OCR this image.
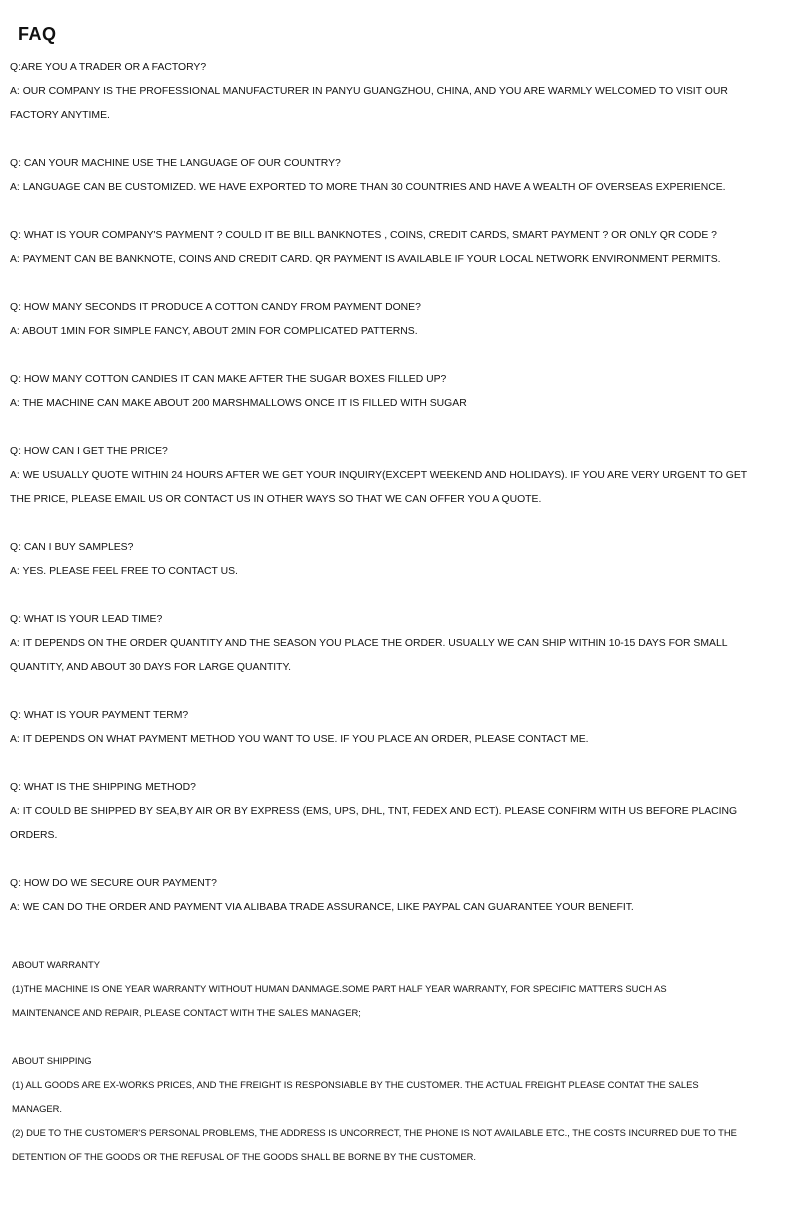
FAQ
Q:ARE YOU A TRADER OR A FACTORY?
A: OUR COMPANY IS THE PROFESSIONAL MANUFACTURER IN PANYU GUANGZHOU, CHINA, AND YOU ARE WARMLY WELCOMED TO VISIT OUR
FACTORY ANYTIME.
Q: CAN YOUR MACHINE USE THE LANGUAGE OF OUR COUNTRY?
A: LANGUAGE CAN BE CUSTOMIZED. WE HAVE EXPORTED TO MORE THAN 30 COUNTRIES AND HAVE A WEALTH OF OVERSEAS EXPERIENCE.
Q: WHAT IS YOUR COMPANY'S PAYMENT ? COULD IT BE BILL BANKNOTES , COINS, CREDIT CARDS, SMART PAYMENT ? OR ONLY QR CODE ?
A: PAYMENT CAN BE BANKNOTE, COINS AND CREDIT CARD. QR PAYMENT IS AVAILABLE IF YOUR LOCAL NETWORK ENVIRONMENT PERMITS.
Q: HOW MANY SECONDS IT PRODUCE A COTTON CANDY FROM PAYMENT DONE?
A: ABOUT 1MIN FOR SIMPLE FANCY, ABOUT 2MIN FOR COMPLICATED PATTERNS.
Q: HOW MANY COTTON CANDIES IT CAN MAKE AFTER THE SUGAR BOXES FILLED UP?
A: THE MACHINE CAN MAKE ABOUT 200 MARSHMALLOWS ONCE IT IS FILLED WITH SUGAR
Q: HOW CAN I GET THE PRICE?
A: WE USUALLY QUOTE WITHIN 24 HOURS AFTER WE GET YOUR INQUIRY(EXCEPT WEEKEND AND HOLIDAYS). IF YOU ARE VERY URGENT TO GET
THE PRICE, PLEASE EMAIL US OR CONTACT US IN OTHER WAYS SO THAT WE CAN OFFER YOU A QUOTE.
Q: CAN I BUY SAMPLES?
A: YES. PLEASE FEEL FREE TO CONTACT US.
Q: WHAT IS YOUR LEAD TIME?
A: IT DEPENDS ON THE ORDER QUANTITY AND THE SEASON YOU PLACE THE ORDER. USUALLY WE CAN SHIP WITHIN 10-15 DAYS FOR SMALL
QUANTITY, AND ABOUT 30 DAYS FOR LARGE QUANTITY.
Q: WHAT IS YOUR PAYMENT TERM?
A: IT DEPENDS ON WHAT PAYMENT METHOD YOU WANT TO USE. IF YOU PLACE AN ORDER, PLEASE CONTACT ME.
Q: WHAT IS THE SHIPPING METHOD?
A: IT COULD BE SHIPPED BY SEA,BY AIR OR BY EXPRESS (EMS, UPS, DHL, TNT, FEDEX AND ECT). PLEASE CONFIRM WITH US BEFORE PLACING
ORDERS.
Q: HOW DO WE SECURE OUR PAYMENT?
A: WE CAN DO THE ORDER AND PAYMENT VIA ALIBABA TRADE ASSURANCE, LIKE PAYPAL CAN GUARANTEE YOUR BENEFIT.
ABOUT WARRANTY
(1)THE MACHINE IS ONE YEAR WARRANTY WITHOUT HUMAN DANMAGE.SOME PART HALF YEAR WARRANTY, FOR SPECIFIC MATTERS SUCH AS
MAINTENANCE AND REPAIR, PLEASE CONTACT WITH THE SALES MANAGER;
ABOUT SHIPPING
(1) ALL GOODS ARE EX-WORKS PRICES, AND THE FREIGHT IS RESPONSIABLE BY THE CUSTOMER. THE ACTUAL FREIGHT PLEASE CONTAT THE SALES
MANAGER.
(2) DUE TO THE CUSTOMER'S PERSONAL PROBLEMS, THE ADDRESS IS UNCORRECT, THE PHONE IS NOT AVAILABLE ETC., THE COSTS INCURRED DUE TO THE
DETENTION OF THE GOODS OR THE REFUSAL OF THE GOODS SHALL BE BORNE BY THE CUSTOMER.
